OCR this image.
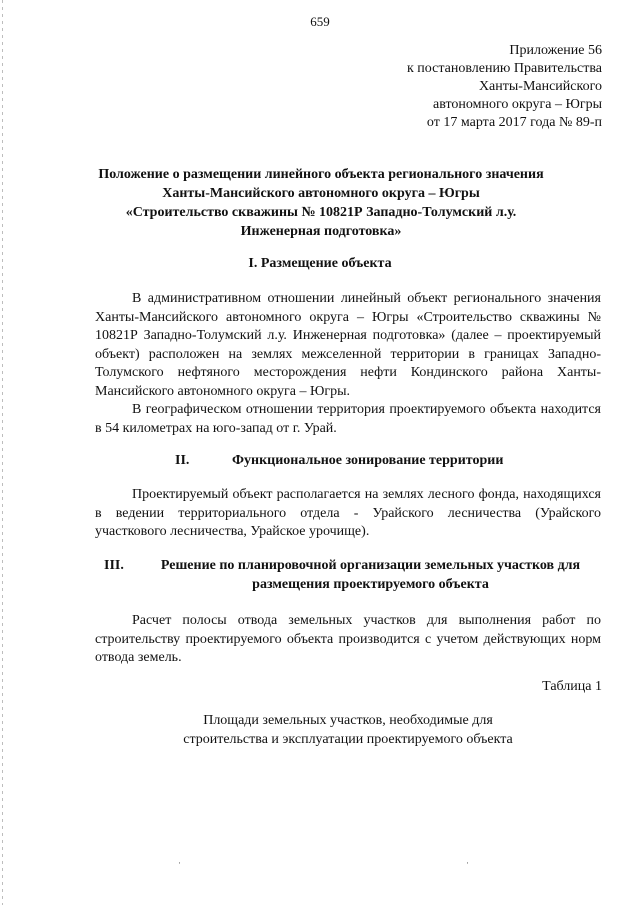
659
Приложение 56
к постановлению Правительства
Ханты-Мансийского
автономного округа – Югры
от 17 марта 2017 года № 89-п
Положение о размещении линейного объекта регионального значения
Ханты-Мансийского автономного округа – Югры
«Строительство скважины № 10821Р Западно-Толумский л.у.
Инженерная подготовка»
I. Размещение объекта

В административном отношении линейный объект регионального значения Ханты-Мансийского автономного округа – Югры «Строительство скважины № 10821Р Западно-Толумский л.у. Инженерная подготовка» (далее – проектируемый объект) расположен на землях межселенной территории в границах Западно-Толумского нефтяного месторождения нефти Кондинского района Ханты-Мансийского автономного округа – Югры.

В географическом отношении территория проектируемого объекта находится в 54 километрах на юго-запад от г. Урай.

II.	Функциональное зонирование территории

Проектируемый объект располагается на землях лесного фонда, находящихся в ведении территориального отдела - Урайского лесничества (Урайского участкового лесничества, Урайское урочище).

III.	Решение по планировочной организации земельных участков для
размещения проектируемого объекта

Расчет полосы отвода земельных участков для выполнения работ по строительству проектируемого объекта производится с учетом действующих норм отвода земель.

Таблица 1
Площади земельных участков, необходимые для
строительства и эксплуатации проектируемого объекта
·	·
